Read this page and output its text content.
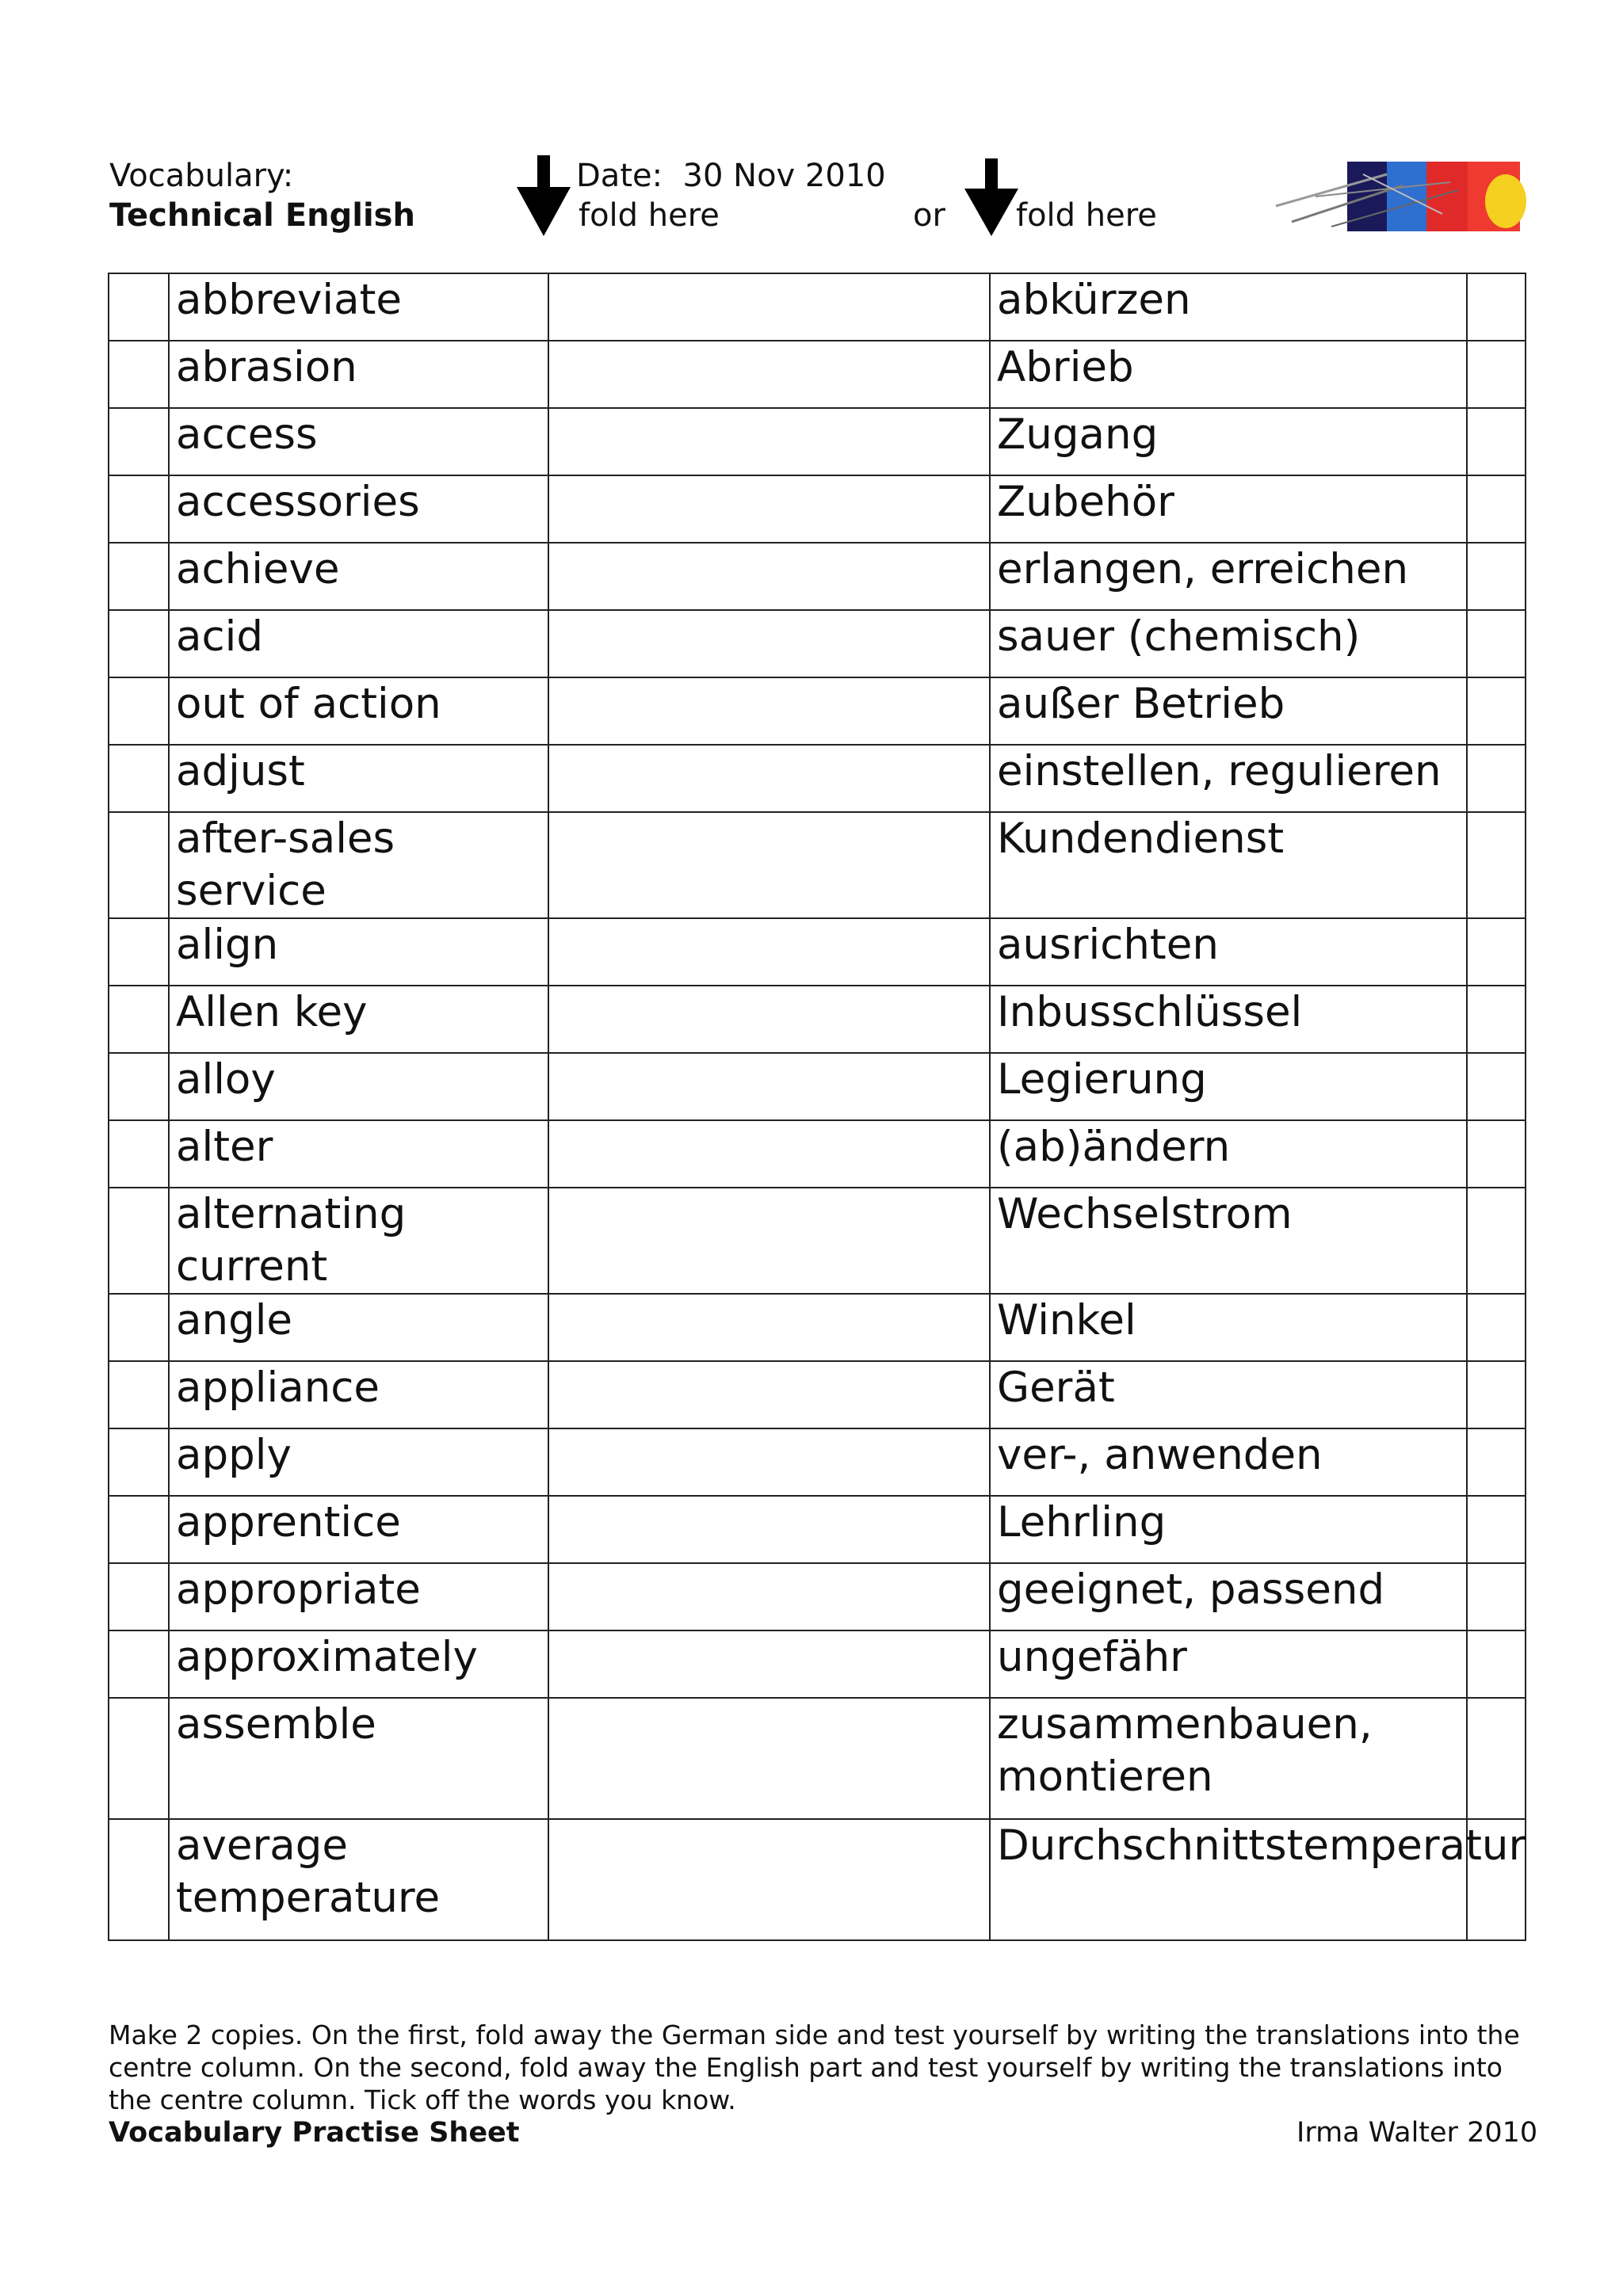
Vocabulary:
Technical English
Date: 30 Nov 2010
fold here	or fold here
	abbreviate		abkürzen	
	abrasion		Abrieb	
	access		Zugang	
	accessories		Zubehör	
	achieve		erlangen, erreichen	
	acid		sauer (chemisch)	
	out of action		außer Betrieb	
	adjust		einstellen, regulieren	
	after-sales service		Kundendienst	
	align		ausrichten	
	Allen key		Inbusschlüssel	
	alloy		Legierung	
	alter		(ab)ändern	
	alternating current		Wechselstrom	
	angle		Winkel	
	appliance		Gerät	
	apply		ver-, anwenden	
	apprentice		Lehrling	
	appropriate		geeignet, passend	
	approximately		ungefähr	
	assemble		zusammenbauen, montieren	
	average temperature		Durchschnittstemperatur	
Make 2 copies. On the first, fold away the German side and test yourself by writing the translations into the centre column. On the second, fold away the English part and test yourself by writing the translations into the centre column. Tick off the words you know.
Vocabulary Practise Sheet	Irma Walter 2010
